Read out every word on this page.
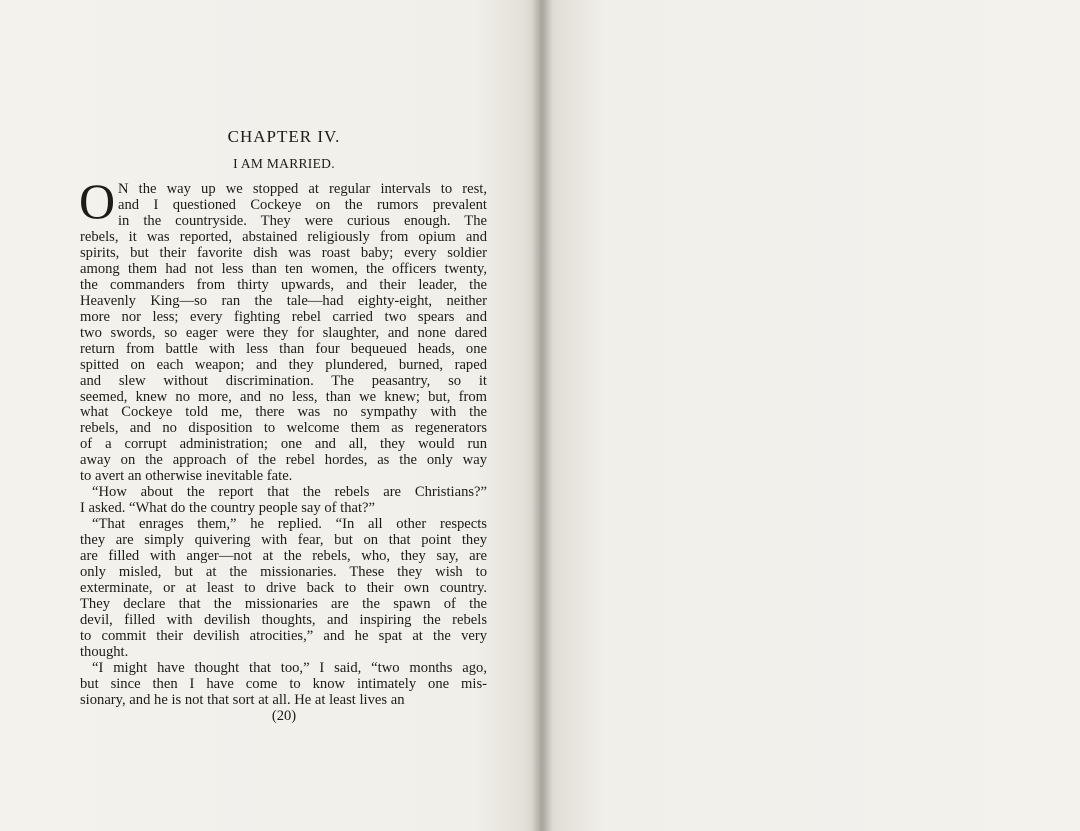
CHAPTER IV.
I AM MARRIED.
O N the way up we stopped at regular intervals to rest,
and I questioned Cockeye on the rumors prevalent
in the countryside. They were curious enough. The
rebels, it was reported, abstained religiously from opium and
spirits, but their favorite dish was roast baby; every soldier
among them had not less than ten women, the officers twenty,
the commanders from thirty upwards, and their leader, the
Heavenly King—so ran the tale—had eighty-eight, neither
more nor less; every fighting rebel carried two spears and
two swords, so eager were they for slaughter, and none dared
return from battle with less than four bequeued heads, one
spitted on each weapon; and they plundered, burned, raped
and slew without discrimination. The peasantry, so it
seemed, knew no more, and no less, than we knew; but, from
what Cockeye told me, there was no sympathy with the
rebels, and no disposition to welcome them as regenerators
of a corrupt administration; one and all, they would run
away on the approach of the rebel hordes, as the only way
to avert an otherwise inevitable fate.
“How about the report that the rebels are Christians?”
I asked. “What do the country people say of that?”
“That enrages them,” he replied. “In all other respects
they are simply quivering with fear, but on that point they
are filled with anger—not at the rebels, who, they say, are
only misled, but at the missionaries. These they wish to
exterminate, or at least to drive back to their own country.
They declare that the missionaries are the spawn of the
devil, filled with devilish thoughts, and inspiring the rebels
to commit their devilish atrocities,” and he spat at the very
thought.
“I might have thought that too,” I said, “two months ago,
but since then I have come to know intimately one mis-
sionary, and he is not that sort at all. He at least lives an
(20)
